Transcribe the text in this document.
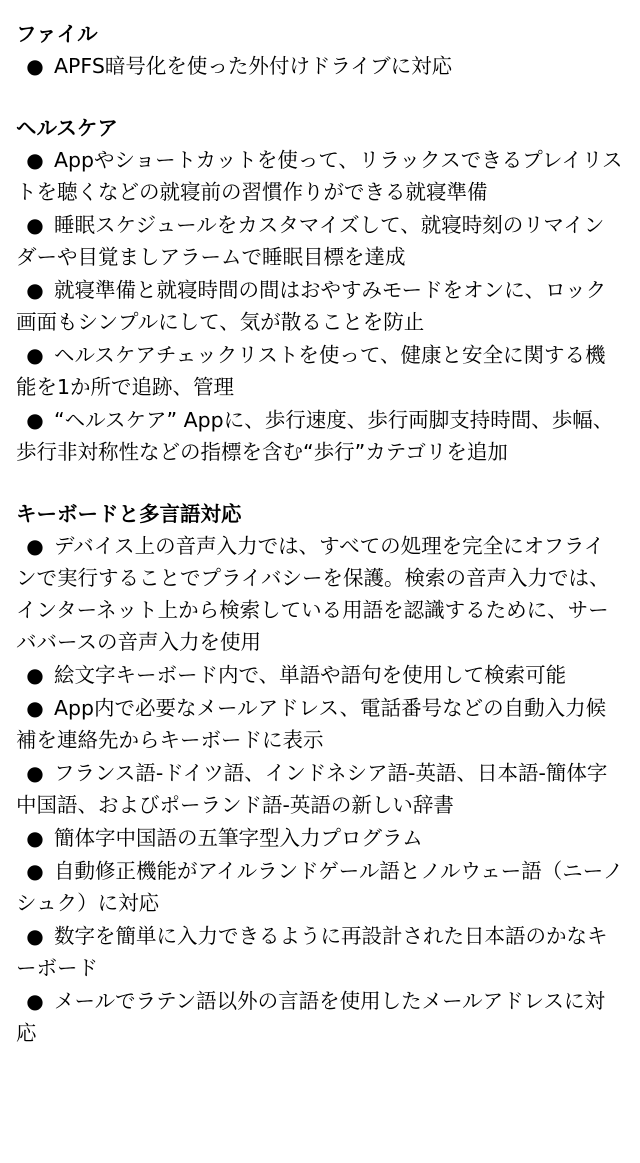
ファイル
● APFS暗号化を使った外付けドライブに対応
ヘルスケア
● Appやショートカットを使って、リラックスできるプレイリストを聴くなどの就寝前の習慣作りができる就寝準備
● 睡眠スケジュールをカスタマイズして、就寝時刻のリマインダーや目覚ましアラームで睡眠目標を達成
● 就寝準備と就寝時間の間はおやすみモードをオンに、ロック画面もシンプルにして、気が散ることを防止
● ヘルスケアチェックリストを使って、健康と安全に関する機能を1か所で追跡、管理
● “ヘルスケア” Appに、歩行速度、歩行両脚支持時間、歩幅、歩行非対称性などの指標を含む“歩行”カテゴリを追加
キーボードと多言語対応
● デバイス上の音声入力では、すべての処理を完全にオフラインで実行することでプライバシーを保護。検索の音声入力では、インターネット上から検索している用語を認識するために、サーババースの音声入力を使用
● 絵文字キーボード内で、単語や語句を使用して検索可能
● App内で必要なメールアドレス、電話番号などの自動入力候補を連絡先からキーボードに表示
● フランス語-ドイツ語、インドネシア語-英語、日本語-簡体字中国語、およびポーランド語-英語の新しい辞書
● 簡体字中国語の五筆字型入力プログラム
● 自動修正機能がアイルランドゲール語とノルウェー語（ニーノシュク）に対応
● 数字を簡単に入力できるように再設計された日本語のかなキーボード
● メールでラテン語以外の言語を使用したメールアドレスに対応
